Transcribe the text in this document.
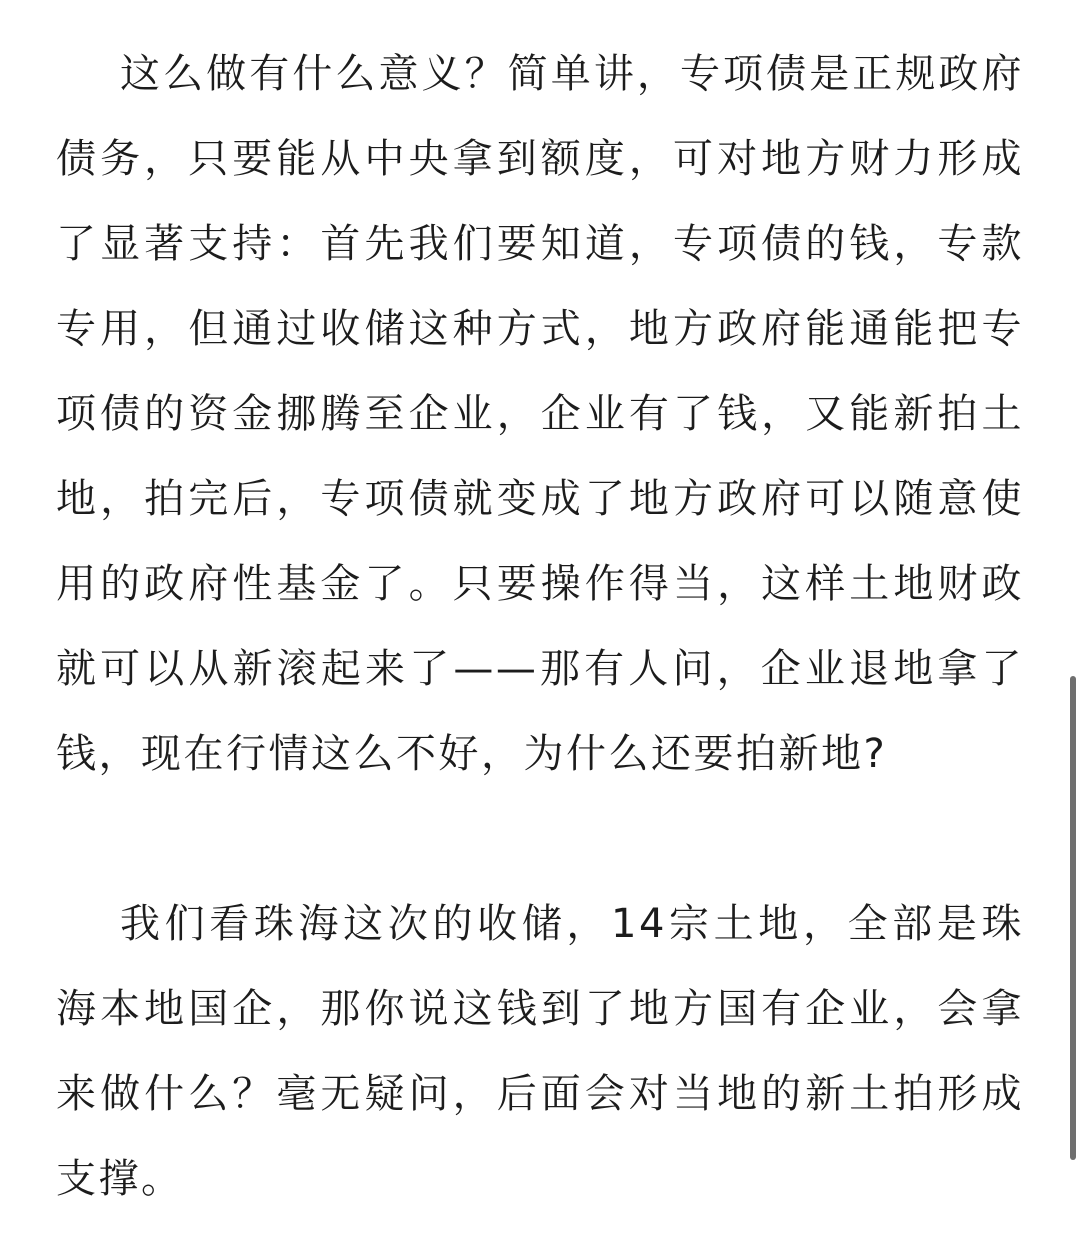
这么做有什么意义？简单讲，专项债是正规政府债务，只要能从中央拿到额度，可对地方财力形成了显著支持：首先我们要知道，专项债的钱，专款专用，但通过收储这种方式，地方政府能通能把专项债的资金挪腾至企业，企业有了钱，又能新拍土地，拍完后，专项债就变成了地方政府可以随意使用的政府性基金了。只要操作得当，这样土地财政就可以从新滚起来了——那有人问，企业退地拿了钱，现在行情这么不好，为什么还要拍新地?

我们看珠海这次的收储，14宗土地，全部是珠海本地国企，那你说这钱到了地方国有企业，会拿来做什么？毫无疑问，后面会对当地的新土拍形成支撑。
